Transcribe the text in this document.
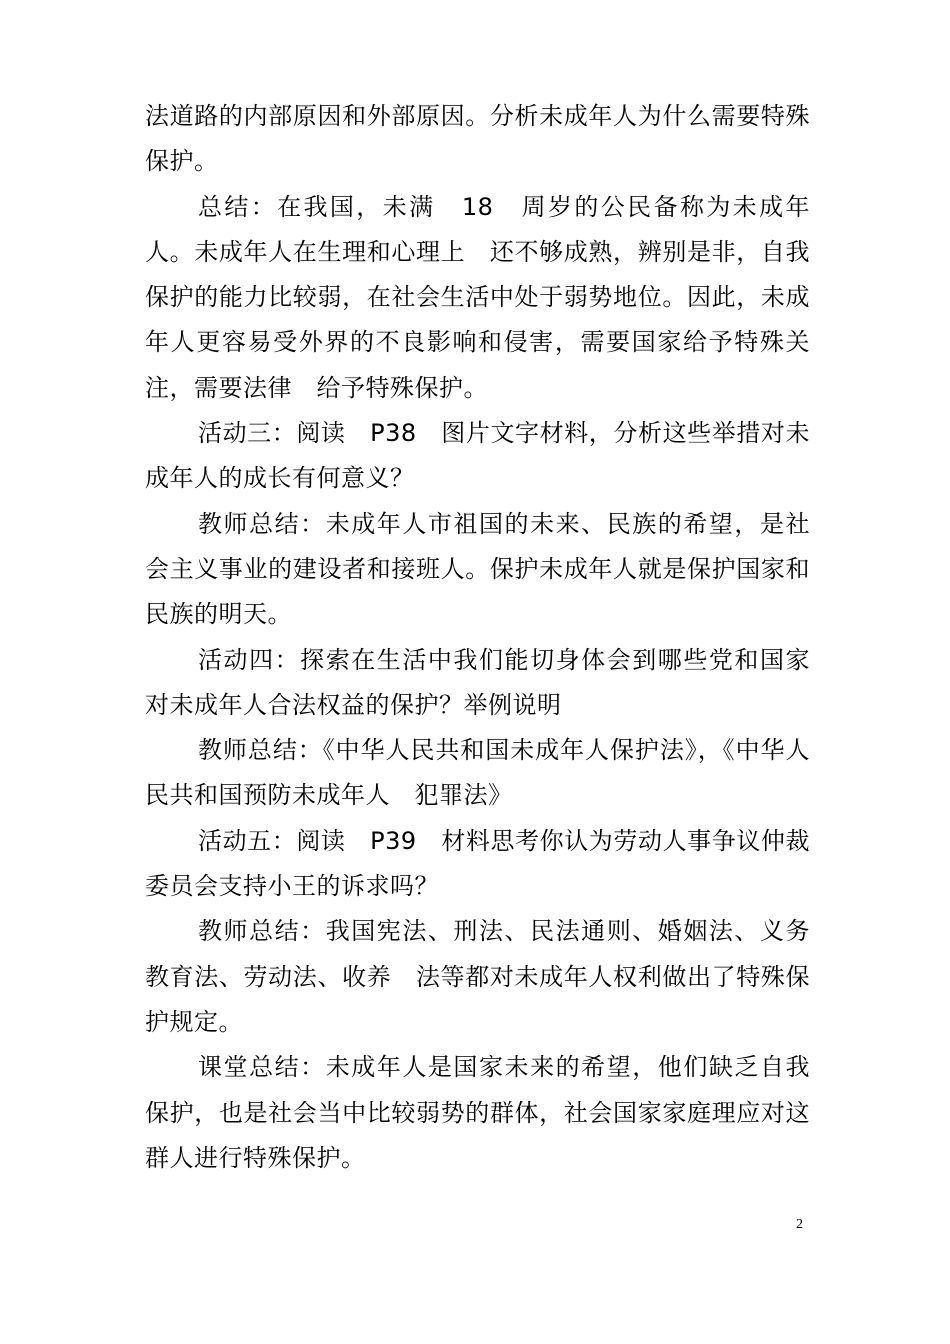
法道路的内部原因和外部原因。分析未成年人为什么需要特殊保护。

总结：在我国，未满　18　周岁的公民备称为未成年人。未成年人在生理和心理上　还不够成熟，辨别是非，自我保护的能力比较弱，在社会生活中处于弱势地位。因此，未成年人更容易受外界的不良影响和侵害，需要国家给予特殊关注，需要法律　给予特殊保护。

活动三：阅读　P38　图片文字材料，分析这些举措对未成年人的成长有何意义？

教师总结：未成年人市祖国的未来、民族的希望，是社会主义事业的建设者和接班人。保护未成年人就是保护国家和民族的明天。

活动四：探索在生活中我们能切身体会到哪些党和国家对未成年人合法权益的保护？举例说明

教师总结：《中华人民共和国未成年人保护法》，《中华人民共和国预防未成年人　犯罪法》

活动五：阅读　P39　材料思考你认为劳动人事争议仲裁委员会支持小王的诉求吗？

教师总结：我国宪法、刑法、民法通则、婚姻法、义务教育法、劳动法、收养　法等都对未成年人权利做出了特殊保护规定。

课堂总结：未成年人是国家未来的希望，他们缺乏自我保护，也是社会当中比较弱势的群体，社会国家家庭理应对这群人进行特殊保护。

2
